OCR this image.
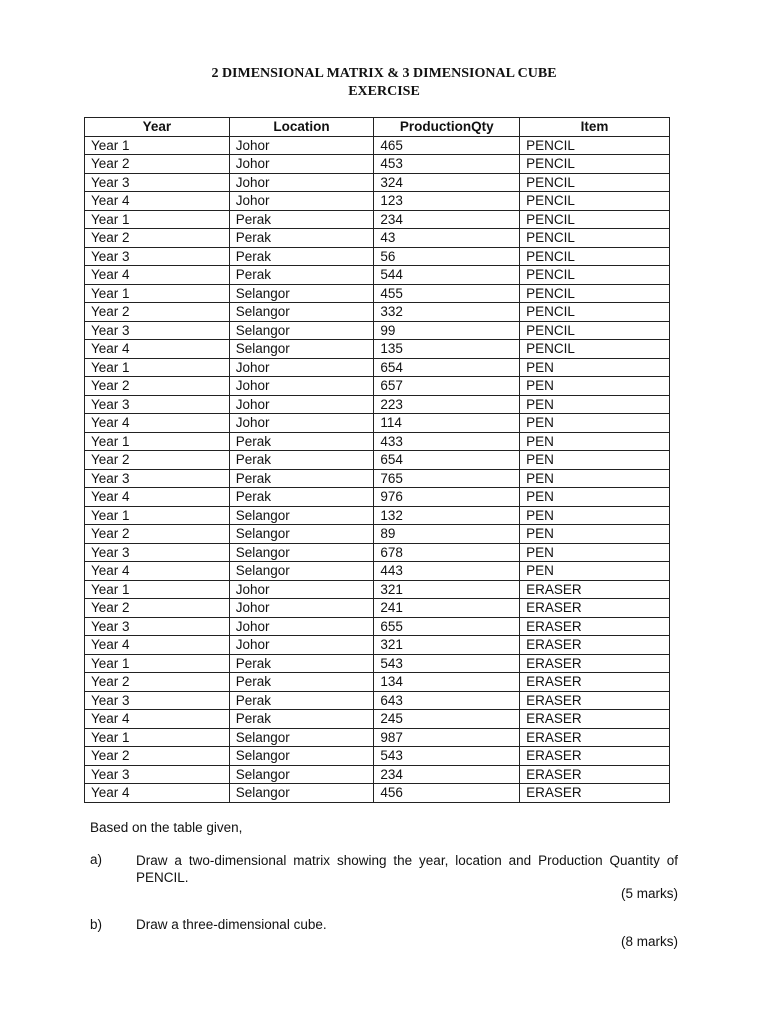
2 DIMENSIONAL MATRIX & 3 DIMENSIONAL CUBE
EXERCISE
Year	Location	ProductionQty	Item
Year 1	Johor	465	PENCIL
Year 2	Johor	453	PENCIL
Year 3	Johor	324	PENCIL
Year 4	Johor	123	PENCIL
Year 1	Perak	234	PENCIL
Year 2	Perak	43	PENCIL
Year 3	Perak	56	PENCIL
Year 4	Perak	544	PENCIL
Year 1	Selangor	455	PENCIL
Year 2	Selangor	332	PENCIL
Year 3	Selangor	99	PENCIL
Year 4	Selangor	135	PENCIL
Year 1	Johor	654	PEN
Year 2	Johor	657	PEN
Year 3	Johor	223	PEN
Year 4	Johor	114	PEN
Year 1	Perak	433	PEN
Year 2	Perak	654	PEN
Year 3	Perak	765	PEN
Year 4	Perak	976	PEN
Year 1	Selangor	132	PEN
Year 2	Selangor	89	PEN
Year 3	Selangor	678	PEN
Year 4	Selangor	443	PEN
Year 1	Johor	321	ERASER
Year 2	Johor	241	ERASER
Year 3	Johor	655	ERASER
Year 4	Johor	321	ERASER
Year 1	Perak	543	ERASER
Year 2	Perak	134	ERASER
Year 3	Perak	643	ERASER
Year 4	Perak	245	ERASER
Year 1	Selangor	987	ERASER
Year 2	Selangor	543	ERASER
Year 3	Selangor	234	ERASER
Year 4	Selangor	456	ERASER
Based on the table given,
a)	Draw a two-dimensional matrix showing the year, location and Production Quantity of PENCIL.
(5 marks)
b)	Draw a three-dimensional cube.
(8 marks)
